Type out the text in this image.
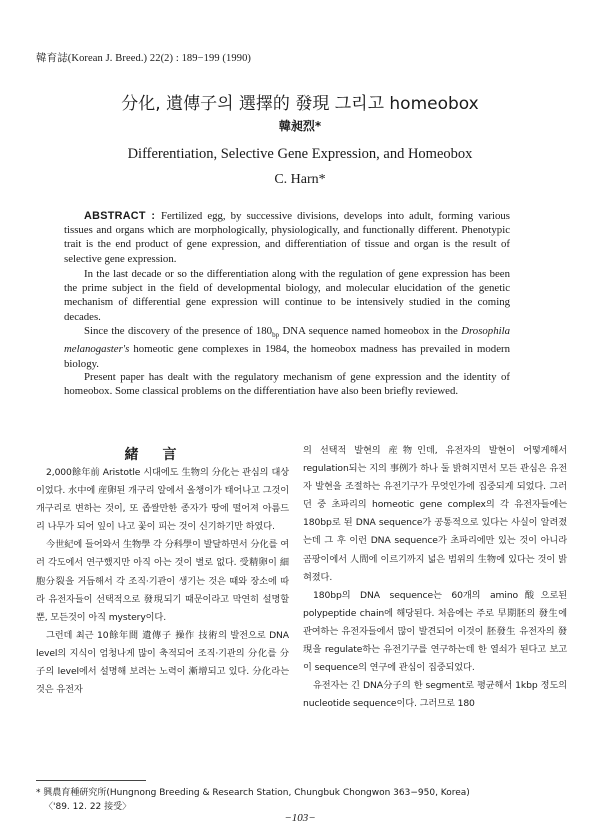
韓育誌(Korean J. Breed.) 22(2) : 189−199 (1990)
分化, 遺傳子의 選擇的 發現 그리고 homeobox
韓昶烈*
Differentiation, Selective Gene Expression, and Homeobox
C. Harn*
ABSTRACT : Fertilized egg, by successive divisions, develops into adult, forming various tissues and organs which are morphologically, physiologically, and functionally different. Phenotypic trait is the end product of gene expression, and differentiation of tissue and organ is the result of selective gene expression.
In the last decade or so the differentiation along with the regulation of gene expression has been the prime subject in the field of developmental biology, and molecular elucidation of the genetic mechanism of differential gene expression will continue to be intensively studied in the coming decades.
Since the discovery of the presence of $180_{bp}$ DNA sequence named homeobox in the Drosophila melanogaster's homeotic gene complexes in 1984, the homeobox madness has prevailed in modern biology.
Present paper has dealt with the regulatory mechanism of gene expression and the identity of homeobox. Some classical problems on the differentiation have also been briefly reviewed.
緒言

2,000餘年前 Aristotle 시대에도 生物의 分化는 관심의 대상이었다. 水中에 産卵된 개구리 알에서 올챙이가 태어나고 그것이 개구리로 변하는 것이, 또 좁쌀만한 종자가 땅에 떨어져 아름드리 나무가 되어 잎이 나고 꽃이 피는 것이 신기하기만 하였다.

今世紀에 들어와서 生物學 각 分科學이 발달하면서 分化를 여러 각도에서 연구했지만 아직 아는 것이 별로 없다. 受精卵이 細胞分裂을 거듭해서 각 조직·기관이 생기는 것은 때와 장소에 따라 유전자들이 선택적으로 發現되기 때문이라고 막연히 설명할 뿐, 모든것이 아직 mystery이다.

그런데 최근 10餘年間 遺傳子 操作 技術의 발전으로 DNA level의 지식이 엄청나게 많이 축적되어 조직·기관의 分化를 分子의 level에서 설명해 보려는 노력이 漸增되고 있다. 分化라는 것은 유전자

의 선택적 발현의 産物인데, 유전자의 발현이 어떻게해서 regulation되는 지의 事例가 하나 둘 밝혀지면서 모든 관심은 유전자 발현을 조절하는 유전기구가 무엇인가에 집중되게 되었다. 그러던 중 초파리의 homeotic gene complex의 각 유전자들에는 180bp로 된 DNA sequence가 공통적으로 있다는 사실이 알려졌는데 그 후 이런 DNA sequence가 초파리에만 있는 것이 아니라 곰팡이에서 人間에 이르기까지 넓은 범위의 生物에 있다는 것이 밝혀졌다.

180bp의 DNA sequence는 60개의 amino酸으로된 polypeptide chain에 해당된다. 처음에는 주로 早期胚의 發生에 관여하는 유전자들에서 많이 발견되어 이것이 胚發生 유전자의 發現을 regulate하는 유전기구를 연구하는데 한 열쇠가 된다고 보고 이 sequence의 연구에 관심이 집중되었다.

유전자는 긴 DNA分子의 한 segment로 평균해서 1kbp 정도의 nucleotide sequence이다. 그러므로 180

* 興農育種硏究所(Hungnong Breeding & Research Station, Chungbuk Chongwon 363−950, Korea)
〈'89. 12. 22 接受〉
−103−
